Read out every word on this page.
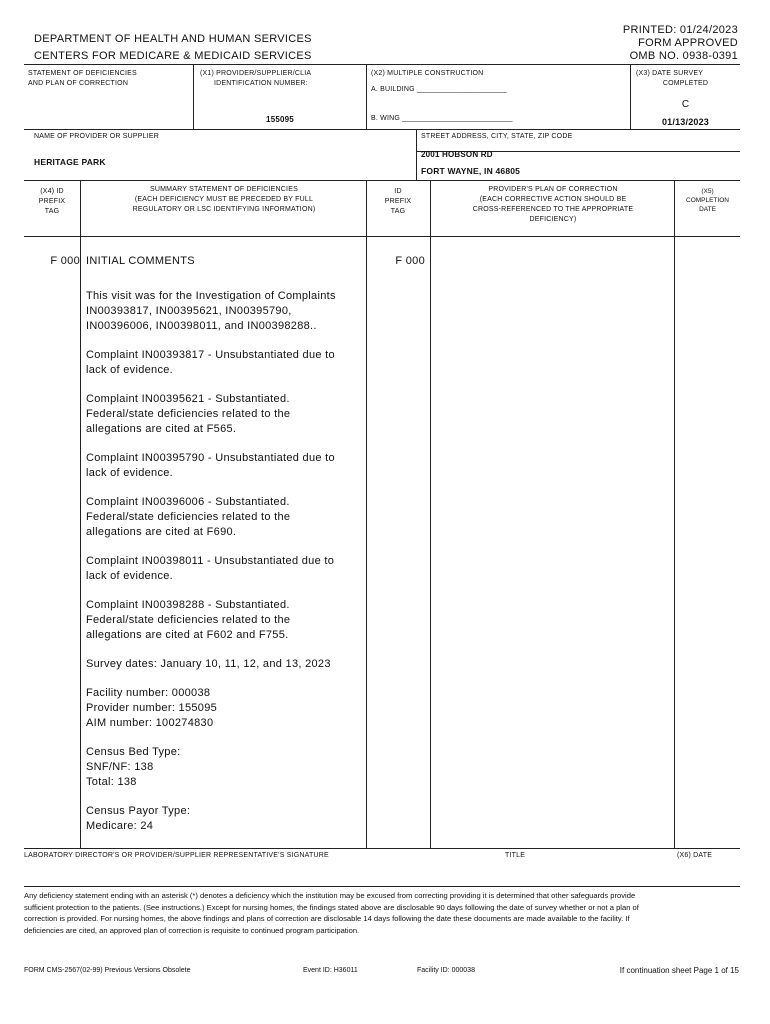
DEPARTMENT OF HEALTH AND HUMAN SERVICES
CENTERS FOR MEDICARE & MEDICAID SERVICES
PRINTED: 01/24/2023
FORM APPROVED
OMB NO. 0938-0391
STATEMENT OF DEFICIENCIES
AND PLAN OF CORRECTION
(X1) PROVIDER/SUPPLIER/CLIA
IDENTIFICATION NUMBER:
155095
(X2) MULTIPLE CONSTRUCTION
A. BUILDING ______________________
B. WING ___________________________
(X3) DATE SURVEY
COMPLETED
C
01/13/2023
NAME OF PROVIDER OR SUPPLIER
HERITAGE PARK
STREET ADDRESS, CITY, STATE, ZIP CODE
2001 HOBSON RD
FORT WAYNE, IN 46805
(X4) ID
PREFIX
TAG
SUMMARY STATEMENT OF DEFICIENCIES
(EACH DEFICIENCY MUST BE PRECEDED BY FULL
REGULATORY OR LSC IDENTIFYING INFORMATION)
ID
PREFIX
TAG
PROVIDER'S PLAN OF CORRECTION
(EACH CORRECTIVE ACTION SHOULD BE
CROSS-REFERENCED TO THE APPROPRIATE
DEFICIENCY)
(X5)
COMPLETION
DATE
F 000 INITIAL COMMENTS	F 000

This visit was for the Investigation of Complaints
IN00393817, IN00395621, IN00395790,
IN00396006, IN00398011, and IN00398288..

Complaint IN00393817 - Unsubstantiated due to
lack of evidence.

Complaint IN00395621 - Substantiated.
Federal/state deficiencies related to the
allegations are cited at F565.

Complaint IN00395790 - Unsubstantiated due to
lack of evidence.

Complaint IN00396006 - Substantiated.
Federal/state deficiencies related to the
allegations are cited at F690.

Complaint IN00398011 - Unsubstantiated due to
lack of evidence.

Complaint IN00398288 - Substantiated.
Federal/state deficiencies related to the
allegations are cited at F602 and F755.

Survey dates: January 10, 11, 12, and 13, 2023

Facility number: 000038
Provider number: 155095
AIM number: 100274830

Census Bed Type:
SNF/NF: 138
Total: 138

Census Payor Type:
Medicare: 24

LABORATORY DIRECTOR'S OR PROVIDER/SUPPLIER REPRESENTATIVE'S SIGNATURE	TITLE	(X6) DATE
Any deficiency statement ending with an asterisk (*) denotes a deficiency which the institution may be excused from correcting providing it is determined that other safeguards provide sufficient protection to the patients. (See instructions.) Except for nursing homes, the findings stated above are disclosable 90 days following the date of survey whether or not a plan of correction is provided. For nursing homes, the above findings and plans of correction are disclosable 14 days following the date these documents are made available to the facility. If deficiencies are cited, an approved plan of correction is requisite to continued program participation.
FORM CMS-2567(02-99) Previous Versions Obsolete	Event ID: H36011	Facility ID: 000038	If continuation sheet Page 1 of 15
